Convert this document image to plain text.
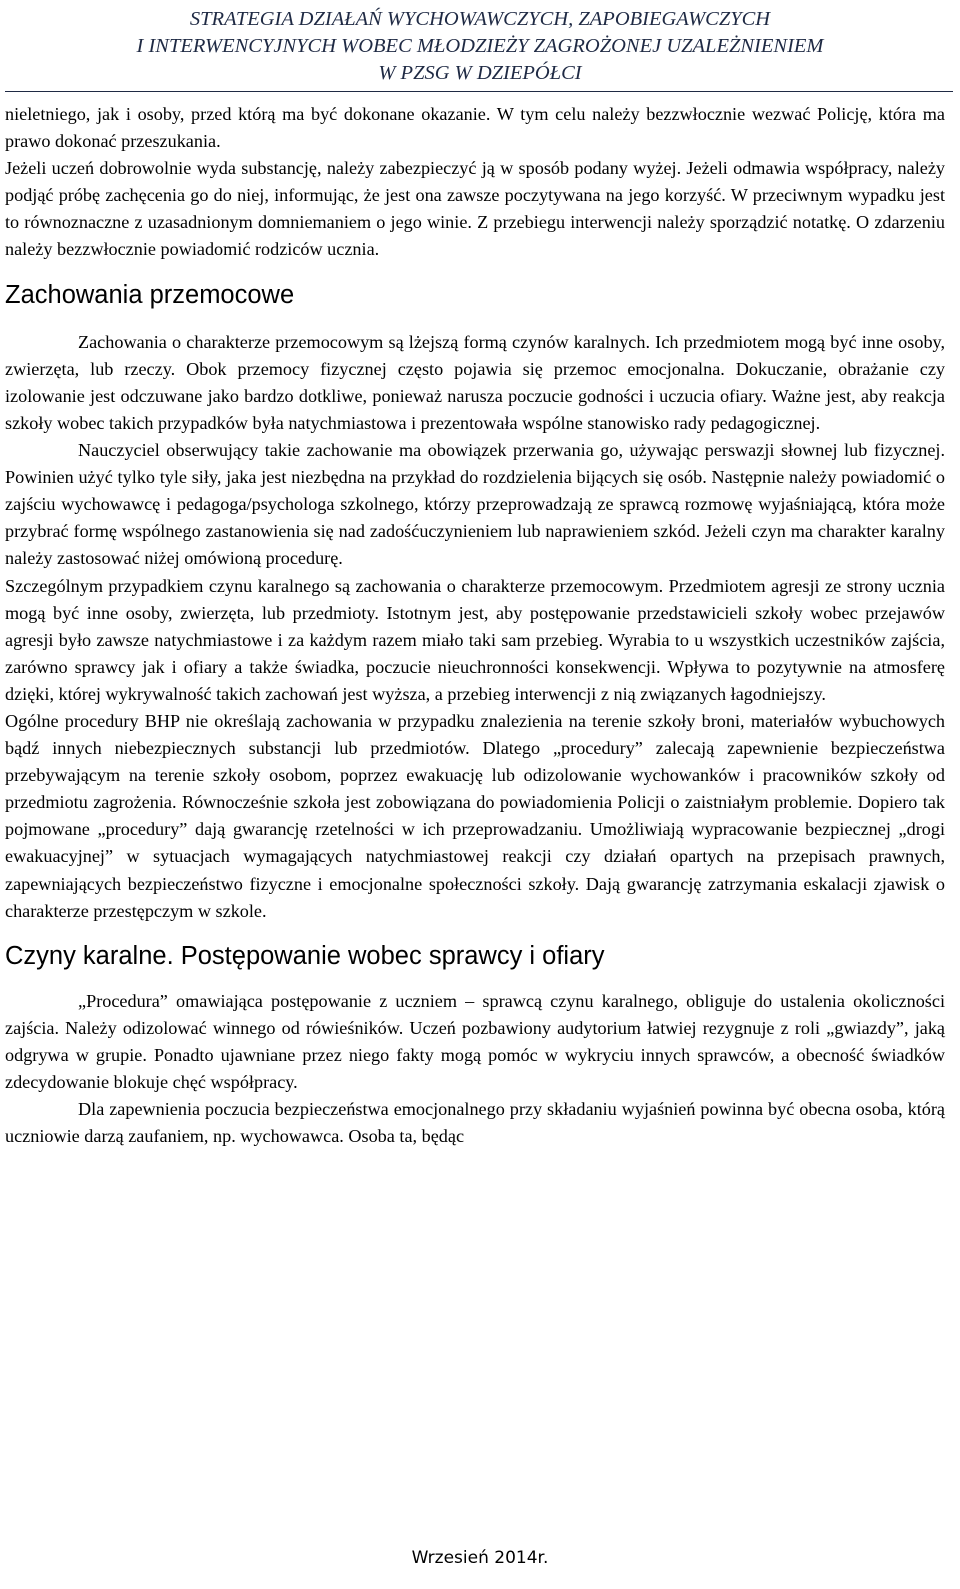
STRATEGIA DZIAŁAŃ WYCHOWAWCZYCH, ZAPOBIEGAWCZYCH
I INTERWENCYJNYCH WOBEC MŁODZIEŻY ZAGROŻONEJ UZALEŻNIENIEM
W PZSG W DZIEPÓŁCI

nieletniego, jak i osoby, przed którą ma być dokonane okazanie. W tym celu należy bezzwłocznie wezwać Policję, która ma prawo dokonać przeszukania.

Jeżeli uczeń dobrowolnie wyda substancję, należy zabezpieczyć ją w sposób podany wyżej. Jeżeli odmawia współpracy, należy podjąć próbę zachęcenia go do niej, informując, że jest ona zawsze poczytywana na jego korzyść. W przeciwnym wypadku jest to równoznaczne z uzasadnionym domniemaniem o jego winie. Z przebiegu interwencji należy sporządzić notatkę. O zdarzeniu należy bezzwłocznie powiadomić rodziców ucznia.

Zachowania przemocowe

Zachowania o charakterze przemocowym są lżejszą formą czynów karalnych. Ich przedmiotem mogą być inne osoby, zwierzęta, lub rzeczy. Obok przemocy fizycznej często pojawia się przemoc emocjonalna. Dokuczanie, obrażanie czy izolowanie jest odczuwane jako bardzo dotkliwe, ponieważ narusza poczucie godności i uczucia ofiary. Ważne jest, aby reakcja szkoły wobec takich przypadków była natychmiastowa i prezentowała wspólne stanowisko rady pedagogicznej.

Nauczyciel obserwujący takie zachowanie ma obowiązek przerwania go, używając perswazji słownej lub fizycznej. Powinien użyć tylko tyle siły, jaka jest niezbędna na przykład do rozdzielenia bijących się osób. Następnie należy powiadomić o zajściu wychowawcę i pedagoga/psychologa szkolnego, którzy przeprowadzają ze sprawcą rozmowę wyjaśniającą, która może przybrać formę wspólnego zastanowienia się nad zadośćuczynieniem lub naprawieniem szkód. Jeżeli czyn ma charakter karalny należy zastosować niżej omówioną procedurę.

Szczególnym przypadkiem czynu karalnego są zachowania o charakterze przemocowym. Przedmiotem agresji ze strony ucznia mogą być inne osoby, zwierzęta, lub przedmioty. Istotnym jest, aby postępowanie przedstawicieli szkoły wobec przejawów agresji było zawsze natychmiastowe i za każdym razem miało taki sam przebieg. Wyrabia to u wszystkich uczestników zajścia, zarówno sprawcy jak i ofiary a także świadka, poczucie nieuchronności konsekwencji. Wpływa to pozytywnie na atmosferę dzięki, której wykrywalność takich zachowań jest wyższa, a przebieg interwencji z nią związanych łagodniejszy.

Ogólne procedury BHP nie określają zachowania w przypadku znalezienia na terenie szkoły broni, materiałów wybuchowych bądź innych niebezpiecznych substancji lub przedmiotów. Dlatego „procedury” zalecają zapewnienie bezpieczeństwa przebywającym na terenie szkoły osobom, poprzez ewakuację lub odizolowanie wychowanków i pracowników szkoły od przedmiotu zagrożenia. Równocześnie szkoła jest zobowiązana do powiadomienia Policji o zaistniałym problemie. Dopiero tak pojmowane „procedury” dają gwarancję rzetelności w ich przeprowadzaniu. Umożliwiają wypracowanie bezpiecznej „drogi ewakuacyjnej” w sytuacjach wymagających natychmiastowej reakcji czy działań opartych na przepisach prawnych, zapewniających bezpieczeństwo fizyczne i emocjonalne społeczności szkoły. Dają gwarancję zatrzymania eskalacji zjawisk o charakterze przestępczym w szkole.

Czyny karalne. Postępowanie wobec sprawcy i ofiary

„Procedura” omawiająca postępowanie z uczniem – sprawcą czynu karalnego, obliguje do ustalenia okoliczności zajścia. Należy odizolować winnego od rówieśników. Uczeń pozbawiony audytorium łatwiej rezygnuje z roli „gwiazdy”, jaką odgrywa w grupie. Ponadto ujawniane przez niego fakty mogą pomóc w wykryciu innych sprawców, a obecność świadków zdecydowanie blokuje chęć współpracy.

Dla zapewnienia poczucia bezpieczeństwa emocjonalnego przy składaniu wyjaśnień powinna być obecna osoba, którą uczniowie darzą zaufaniem, np. wychowawca. Osoba ta, będąc

Wrzesień 2014r.
